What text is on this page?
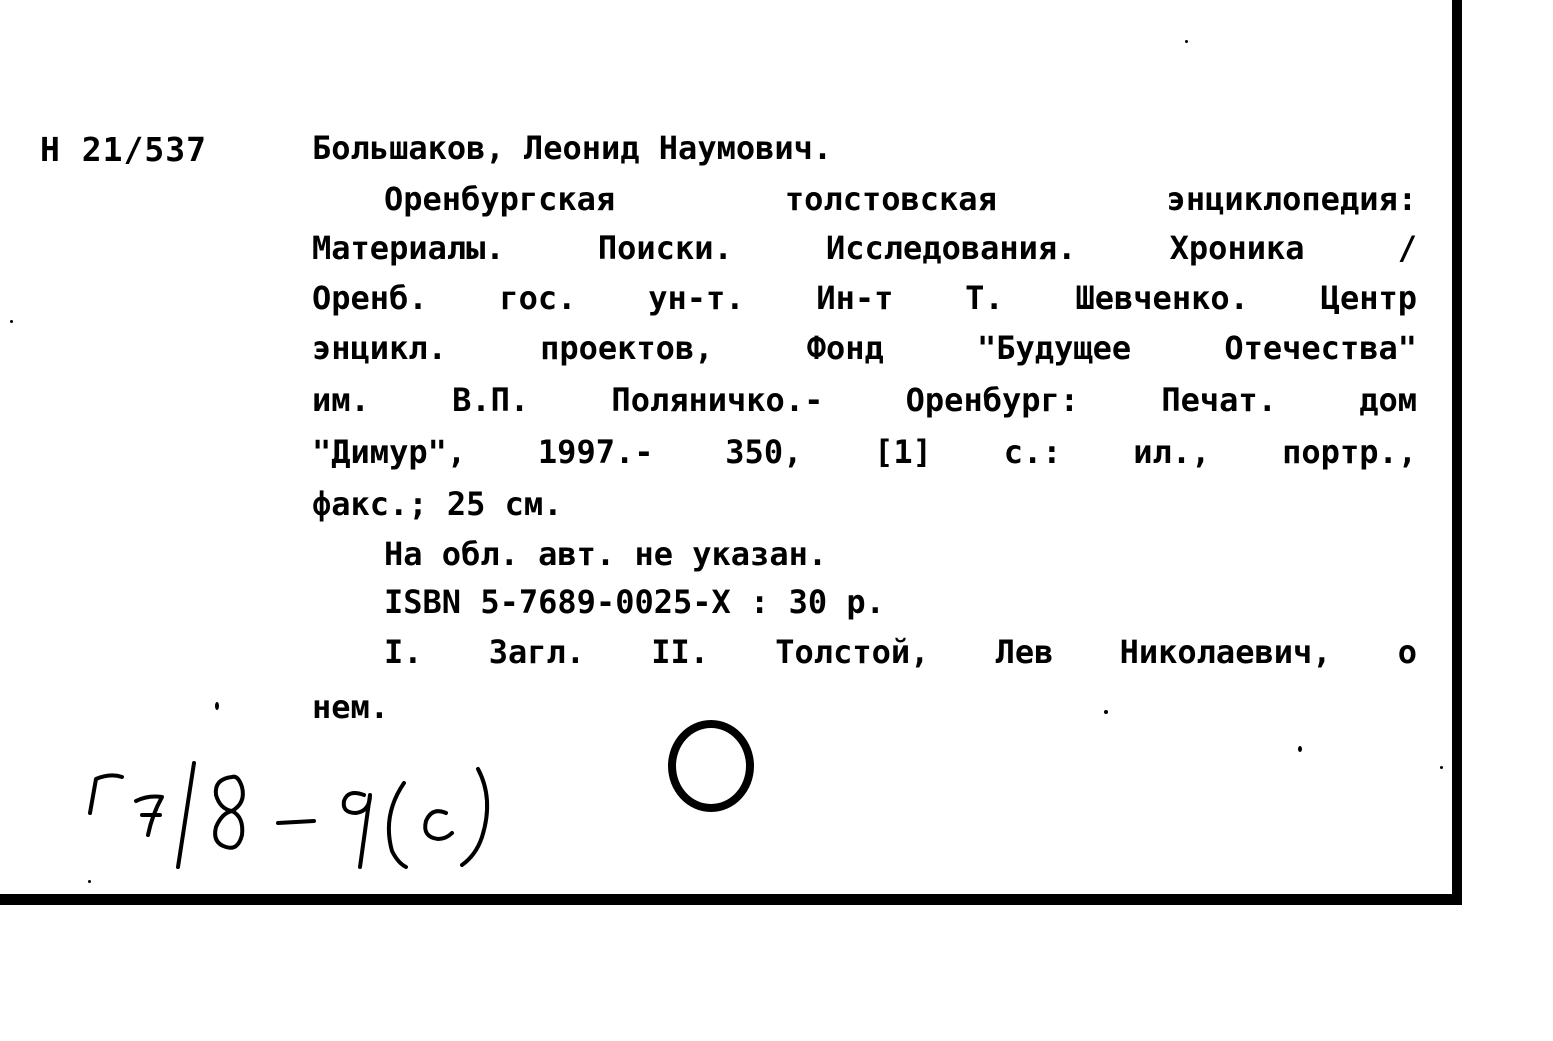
Н 21/537	Большаков, Леонид Наумович.
Оренбургская толстовская энциклопедия:
Материалы. Поиски. Исследования. Хроника /
Оренб. гос. ун-т. Ин-т Т. Шевченко. Центр
энцикл. проектов, Фонд "Будущее Отечества"
им. В.П. Поляничко.- Оренбург: Печат. дом
"Димур", 1997.- 350, [1] с.: ил., портр.,
факс.; 25 см.
На обл. авт. не указан.
ISBN 5-7689-0025-X : 30 р.
I. Загл. II. Толстой, Лев Николаевич, о
нем.
